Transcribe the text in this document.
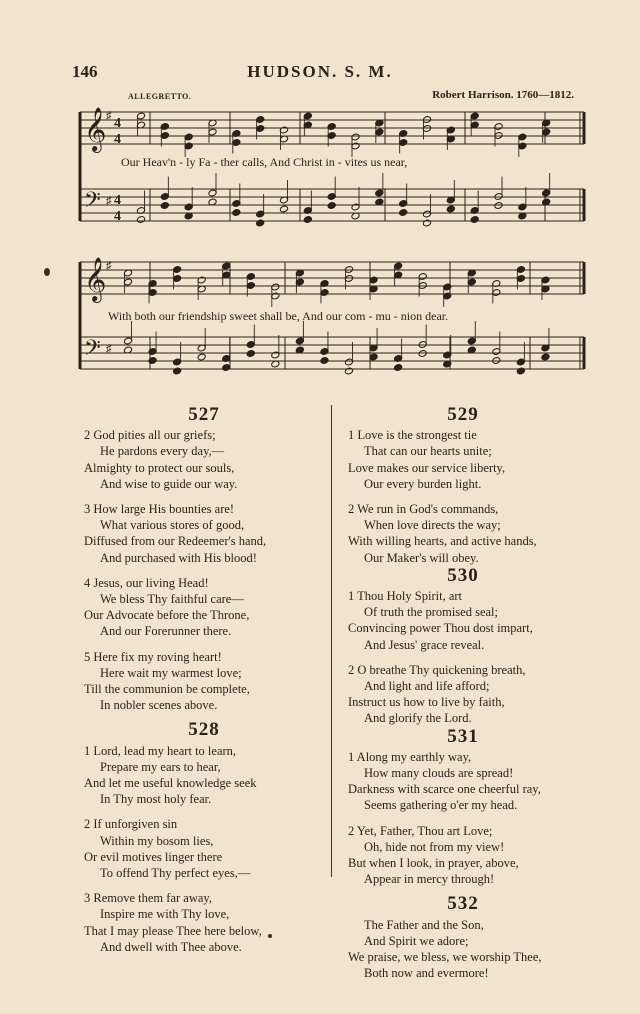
146	HUDSON. S. M.
ALLEGRETTO.	Robert Harrison. 1760—1812.
𝄞 ♯ 4
4
𝄢 ♯ 4
4
𝄞 ♯
𝄢 ♯
Our Heav'n - ly Fa - ther calls, And Christ in - vites us near,
With both our friendship sweet shall be, And our com - mu - nion dear.
527
2 God pities all our griefs;
He pardons every day,—
Almighty to protect our souls,
And wise to guide our way.
3 How large His bounties are!
What various stores of good,
Diffused from our Redeemer's hand,
And purchased with His blood!
4 Jesus, our living Head!
We bless Thy faithful care—
Our Advocate before the Throne,
And our Forerunner there.
5 Here fix my roving heart!
Here wait my warmest love;
Till the communion be complete,
In nobler scenes above.
528
1 Lord, lead my heart to learn,
Prepare my ears to hear,
And let me useful knowledge seek
In Thy most holy fear.
2 If unforgiven sin
Within my bosom lies,
Or evil motives linger there
To offend Thy perfect eyes,—
3 Remove them far away,
Inspire me with Thy love,
That I may please Thee here below,
And dwell with Thee above.
529
1 Love is the strongest tie
That can our hearts unite;
Love makes our service liberty,
Our every burden light.
2 We run in God's commands,
When love directs the way;
With willing hearts, and active hands,
Our Maker's will obey.
530
1 Thou Holy Spirit, art
Of truth the promised seal;
Convincing power Thou dost impart,
And Jesus' grace reveal.
2 O breathe Thy quickening breath,
And light and life afford;
Instruct us how to live by faith,
And glorify the Lord.
531
1 Along my earthly way,
How many clouds are spread!
Darkness with scarce one cheerful ray,
Seems gathering o'er my head.
2 Yet, Father, Thou art Love;
Oh, hide not from my view!
But when I look, in prayer, above,
Appear in mercy through!
532
The Father and the Son,
And Spirit we adore;
We praise, we bless, we worship Thee,
Both now and evermore!
